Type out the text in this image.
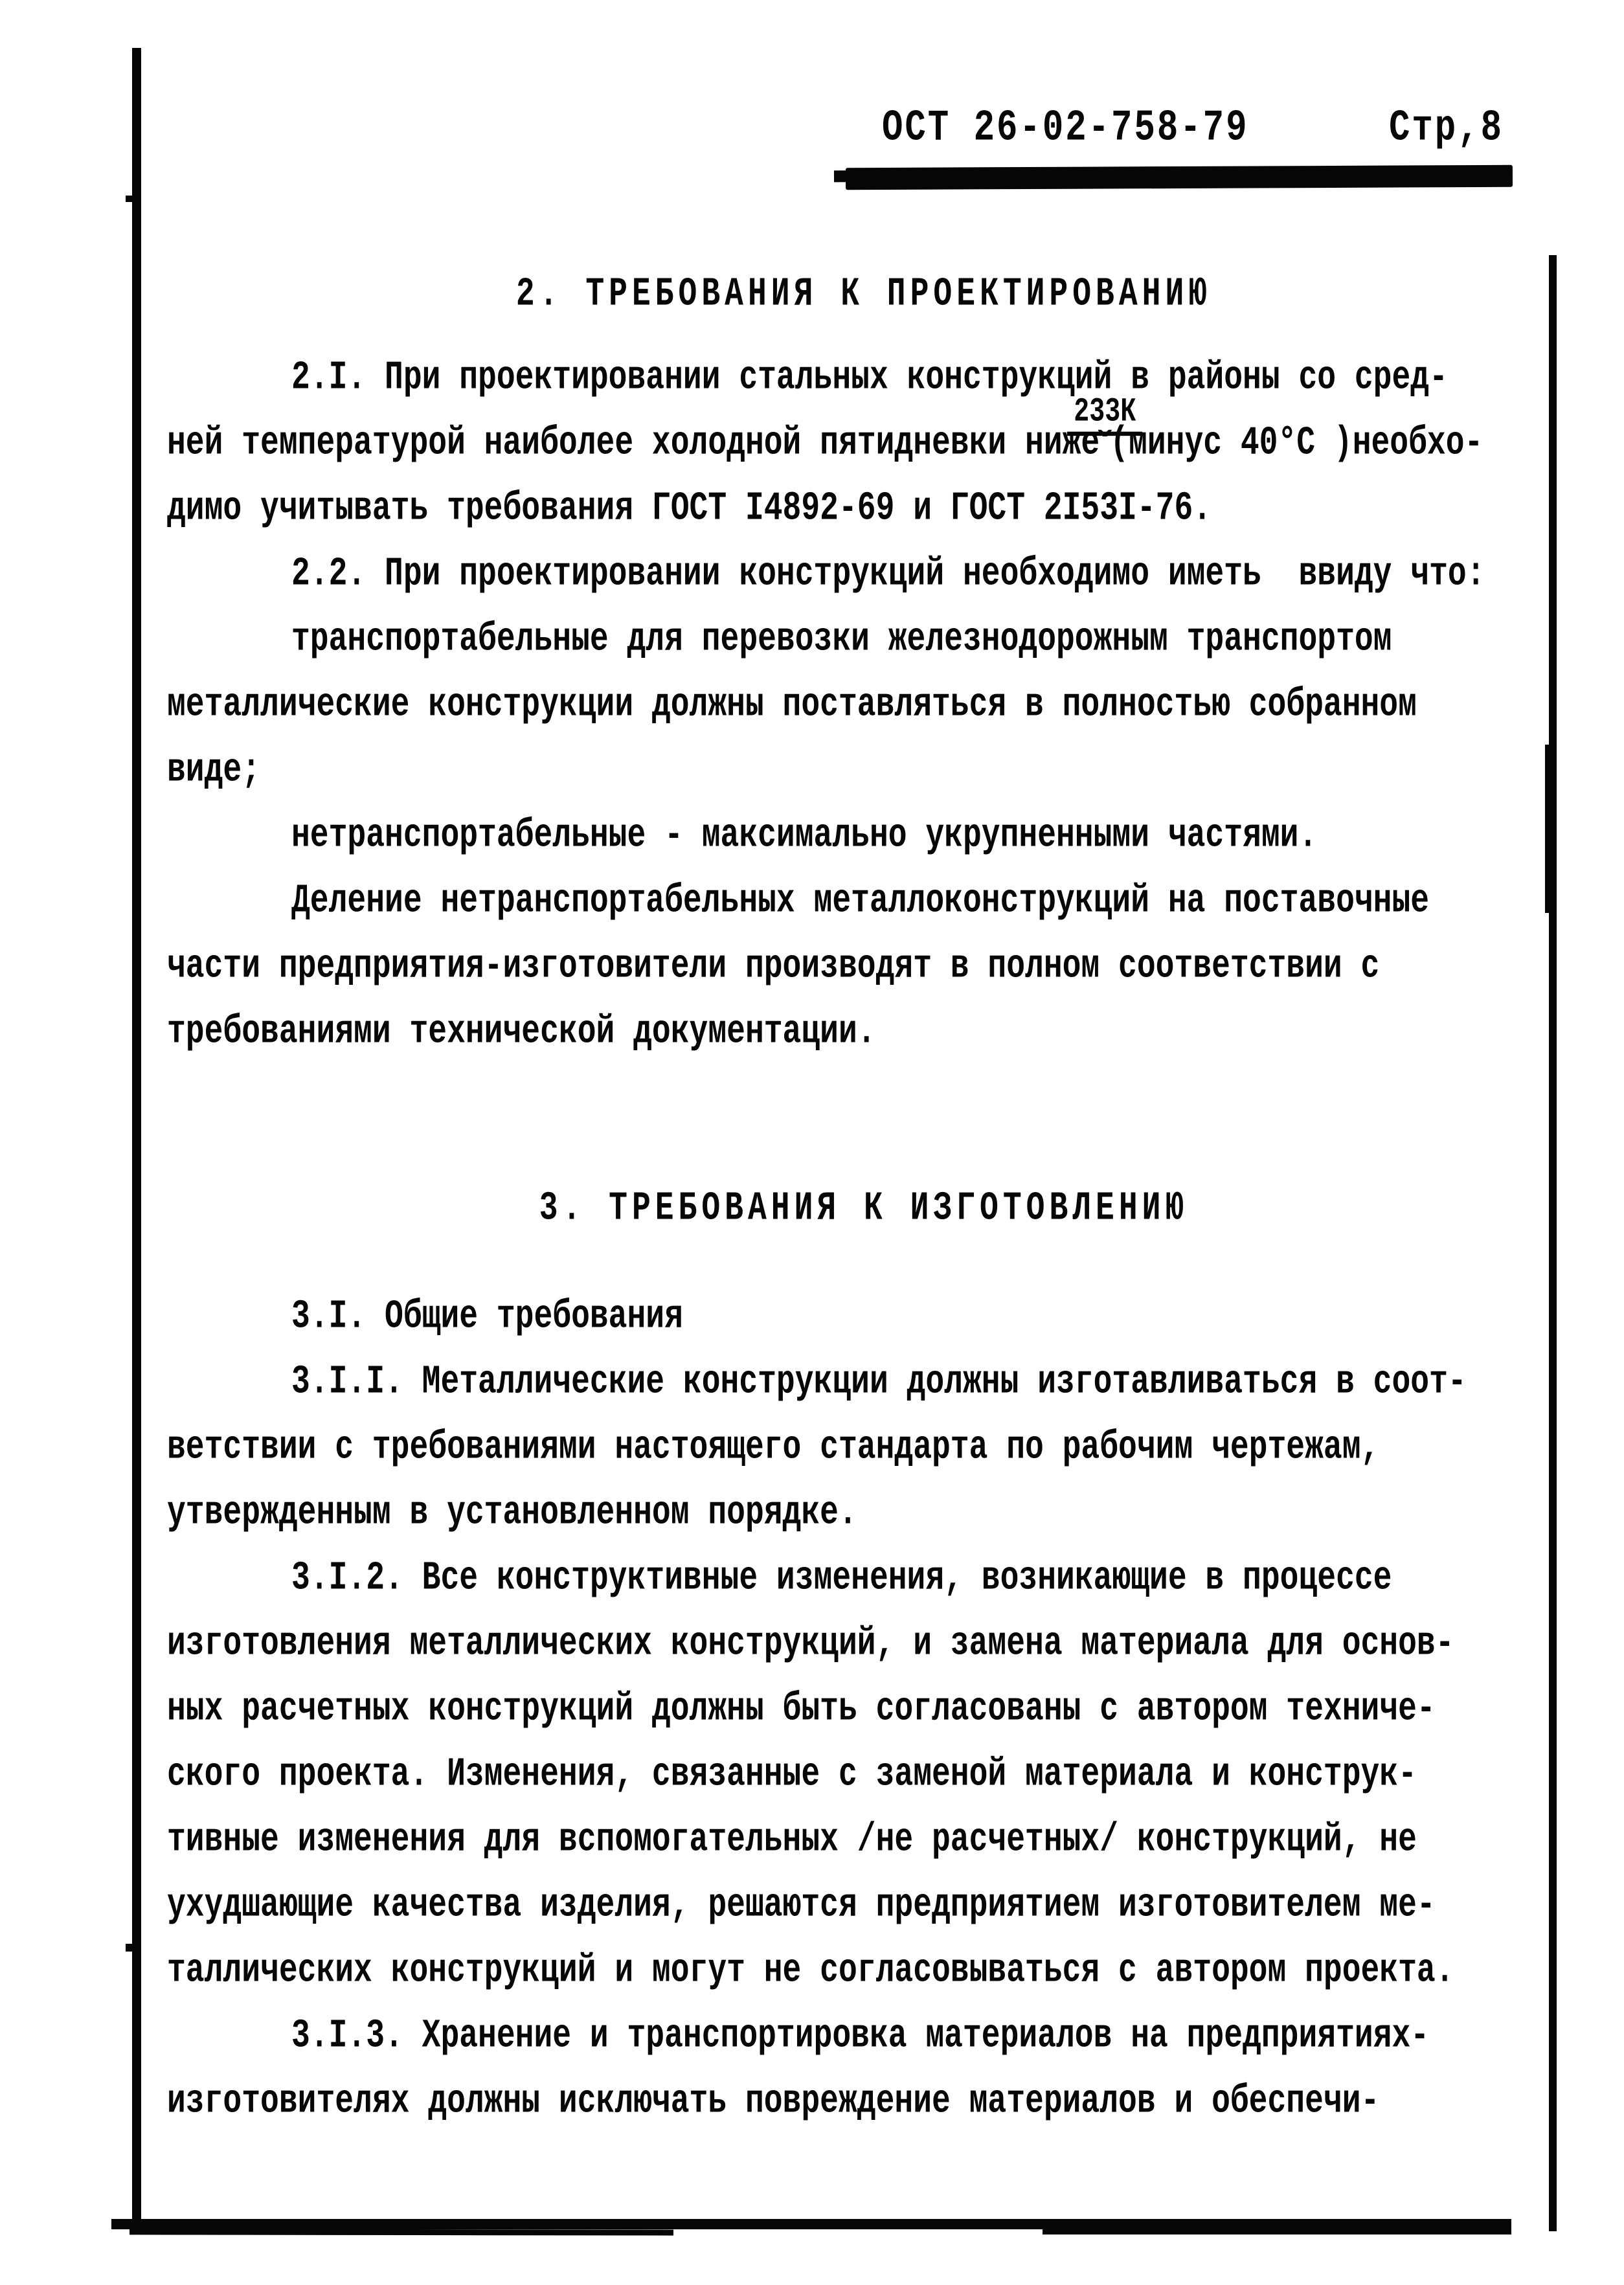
ОСТ 26-02-758-79	Стр,8

2. ТРЕБОВАНИЯ К ПРОЕКТИРОВАНИЮ

2.I. При проектировании стальных конструкций в районы со сред-

ней температурой наиболее холодной пятидневки ниже
233К
ˇ(минус 40°С )необхо-

димо учитывать требования ГОСТ I4892-69 и ГОСТ 2I53I-76.

2.2. При проектировании конструкций необходимо иметь  ввиду что:

транспортабельные для перевозки железнодорожным транспортом

металлические конструкции должны поставляться в полностью собранном

виде;

нетранспортабельные - максимально укрупненными частями.

Деление нетранспортабельных металлоконструкций на поставочные

части предприятия-изготовители производят в полном соответствии с

требованиями технической документации.

3. ТРЕБОВАНИЯ К ИЗГОТОВЛЕНИЮ

3.I. Общие требования

3.I.I. Металлические конструкции должны изготавливаться в соот-

ветствии с требованиями настоящего стандарта по рабочим чертежам,

утвержденным в установленном порядке.

3.I.2. Все конструктивные изменения, возникающие в процессе

изготовления металлических конструкций, и замена материала для основ-

ных расчетных конструкций должны быть согласованы с автором техниче-

ского проекта. Изменения, связанные с заменой материала и конструк-

тивные изменения для вспомогательных /не расчетных/ конструкций, не

ухудшающие качества изделия, решаются предприятием изготовителем ме-

таллических конструкций и могут не согласовываться с автором проекта.

3.I.3. Хранение и транспортировка материалов на предприятиях-

изготовителях должны исключать повреждение материалов и обеспечи-
